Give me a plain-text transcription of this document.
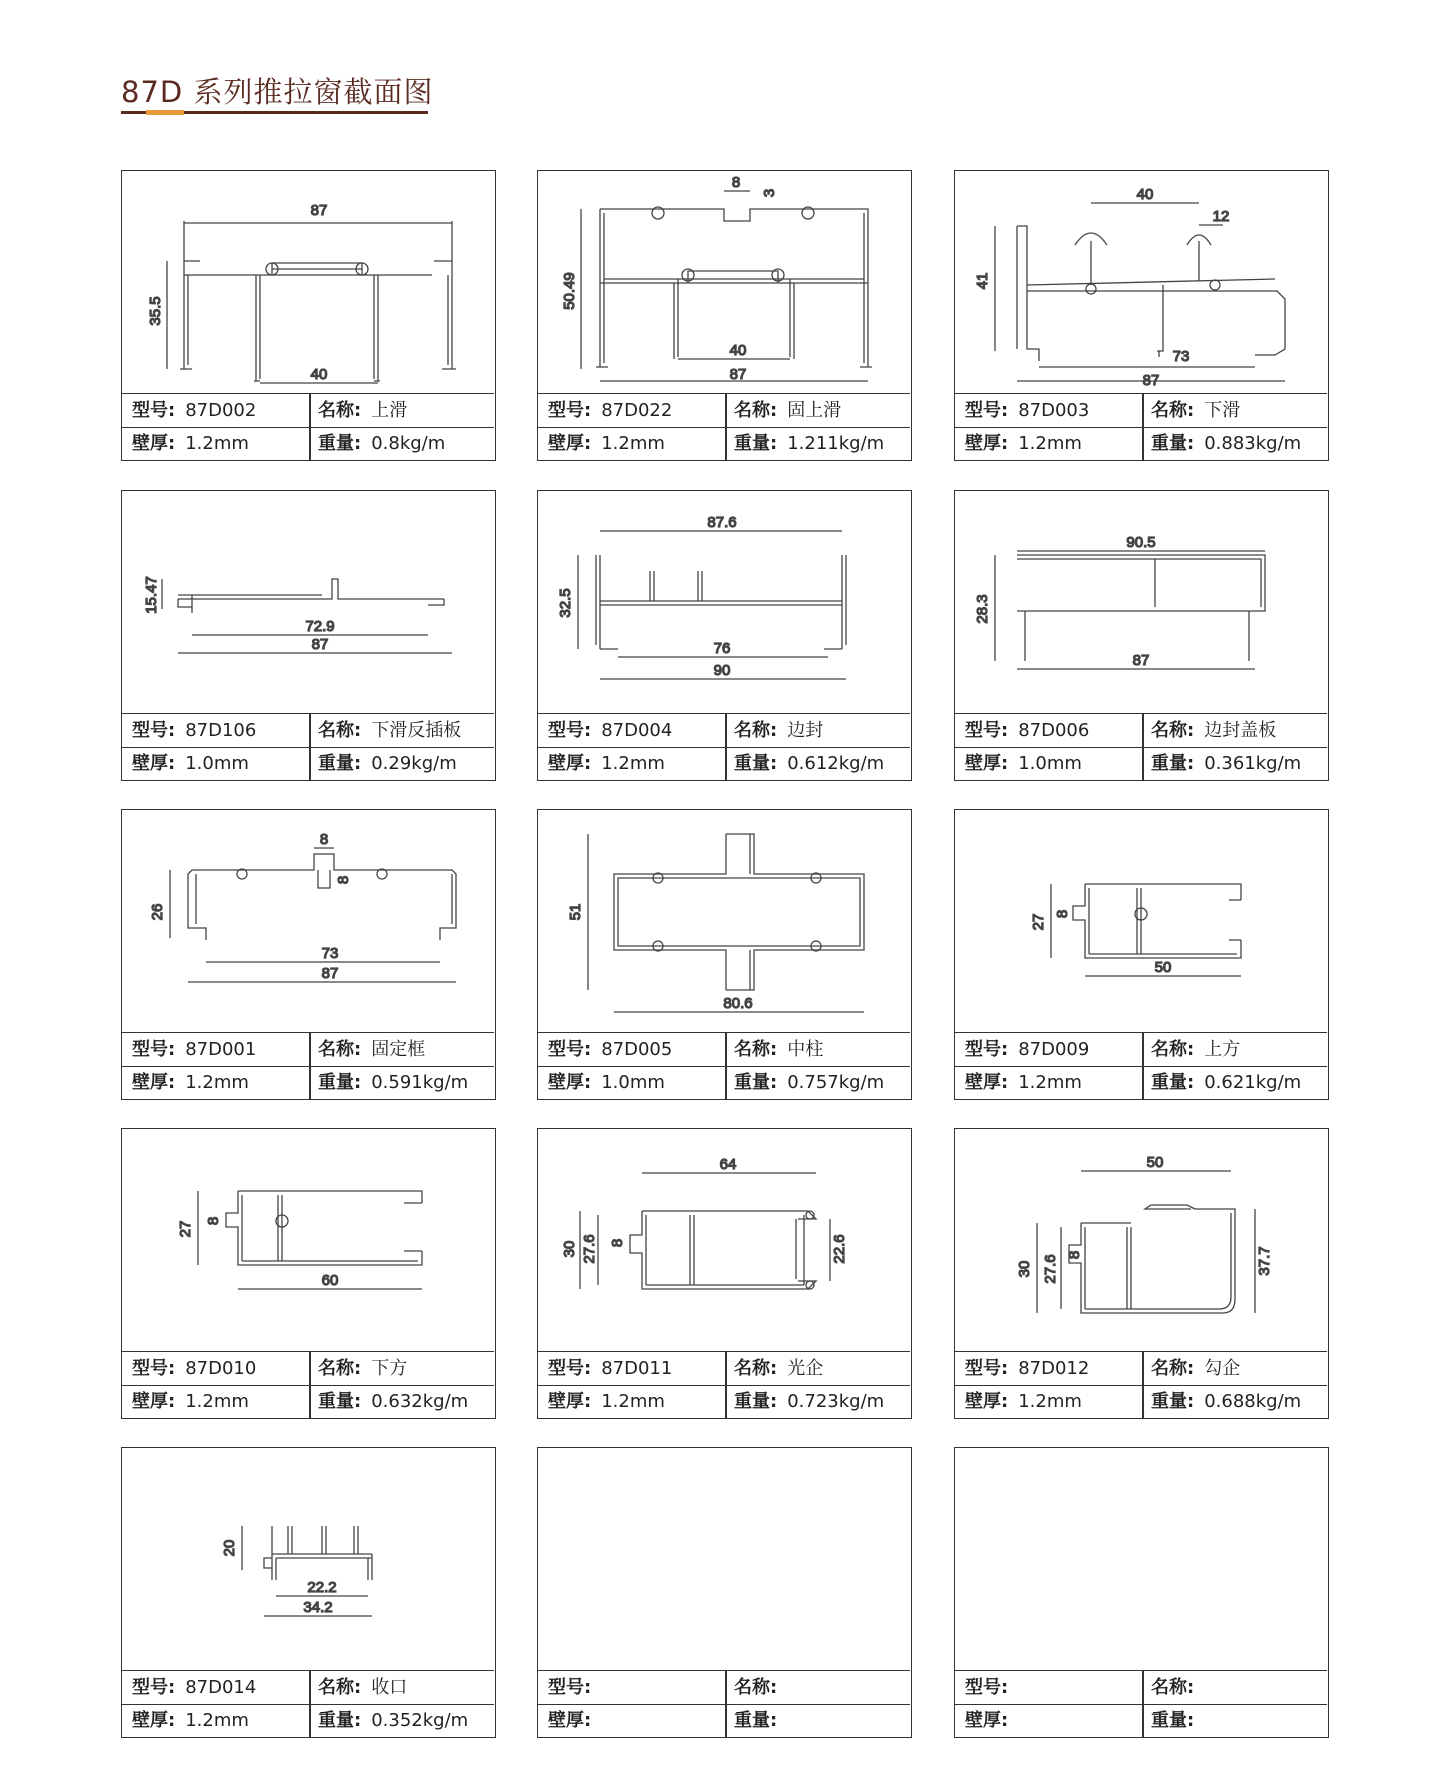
87D 系列推拉窗截面图
87
35.5
40
型号: 87D002	名称: 上滑
壁厚: 1.2mm	重量: 0.8kg/m
8
3
50.49
40
87
型号: 87D022	名称: 固上滑
壁厚: 1.2mm	重量: 1.211kg/m
40
12
41
73
87
型号: 87D003	名称: 下滑
壁厚: 1.2mm	重量: 0.883kg/m
15.47
72.9
87
型号: 87D106	名称: 下滑反插板
壁厚: 1.0mm	重量: 0.29kg/m
87.6
32.5
76
90
型号: 87D004	名称: 边封
壁厚: 1.2mm	重量: 0.612kg/m
90.5
28.3
87
型号: 87D006	名称: 边封盖板
壁厚: 1.0mm	重量: 0.361kg/m
8
26
8
73
87
型号: 87D001	名称: 固定框
壁厚: 1.2mm	重量: 0.591kg/m
51
80.6
型号: 87D005	名称: 中柱
壁厚: 1.0mm	重量: 0.757kg/m
27 8
50
型号: 87D009	名称: 上方
壁厚: 1.2mm	重量: 0.621kg/m
27 8
60
型号: 87D010	名称: 下方
壁厚: 1.2mm	重量: 0.632kg/m
64
30 27.6 8	22.6
型号: 87D011	名称: 光企
壁厚: 1.2mm	重量: 0.723kg/m
50
30 27.6 8	37.7
型号: 87D012	名称: 勾企
壁厚: 1.2mm	重量: 0.688kg/m
20
22.2
34.2
型号: 87D014	名称: 收口
壁厚: 1.2mm	重量: 0.352kg/m
型号:	名称:
壁厚:	重量:
型号:	名称:
壁厚:	重量:
